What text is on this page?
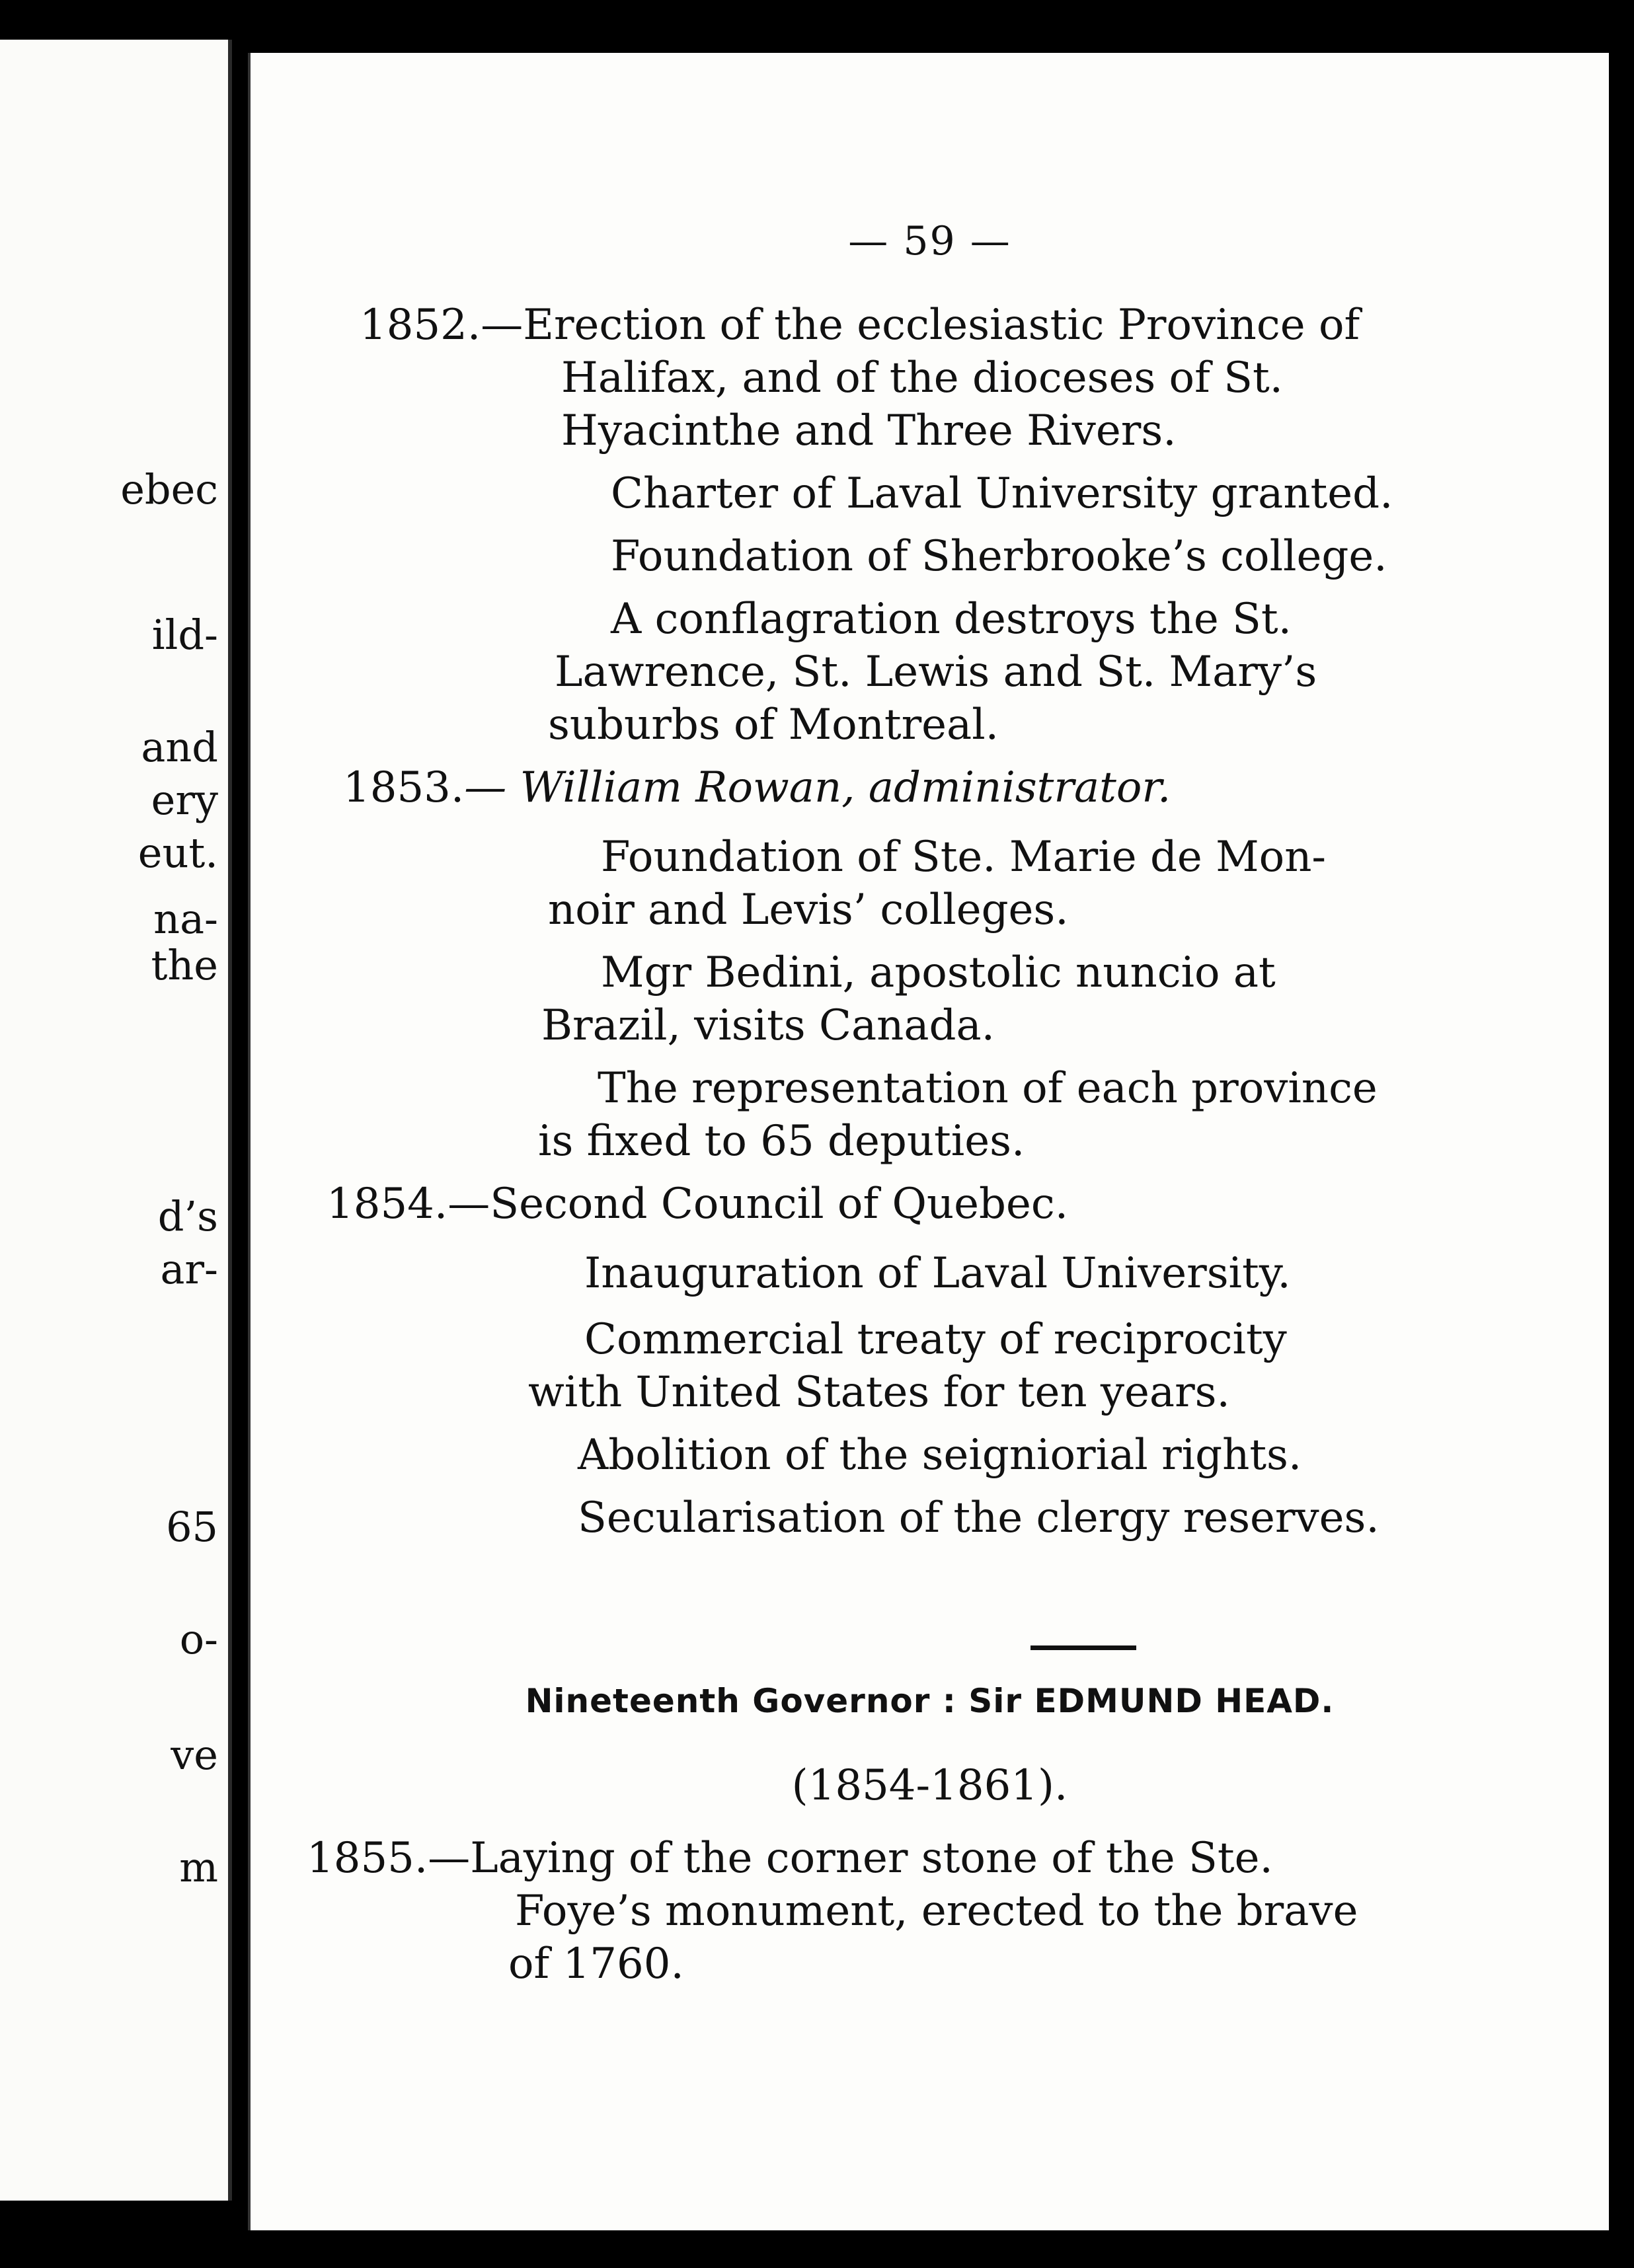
ebec
ild-
and
ery
eut.
na-
the
d’s
ar-
65
o-
ve
m
— 59 —
1852.—Erection of the ecclesiastic Province of
Halifax, and of the dioceses of St.
Hyacinthe and Three Rivers.
Charter of Laval University granted.
Foundation of Sherbrooke’s college.
A conflagration destroys the St.
Lawrence, St. Lewis and St. Mary’s
suburbs of Montreal.
1853.— William Rowan, administrator.
Foundation of Ste. Marie de Mon-
noir and Levis’ colleges.
Mgr Bedini, apostolic nuncio at
Brazil, visits Canada.
The representation of each province
is fixed to 65 deputies.
1854.—Second Council of Quebec.
Inauguration of Laval University.
Commercial treaty of reciprocity
with United States for ten years.
Abolition of the seigniorial rights.
Secularisation of the clergy reserves.
Nineteenth Governor : Sir EDMUND HEAD.
(1854-1861).
1855.—Laying of the corner stone of the Ste.
Foye’s monument, erected to the brave
of 1760.
